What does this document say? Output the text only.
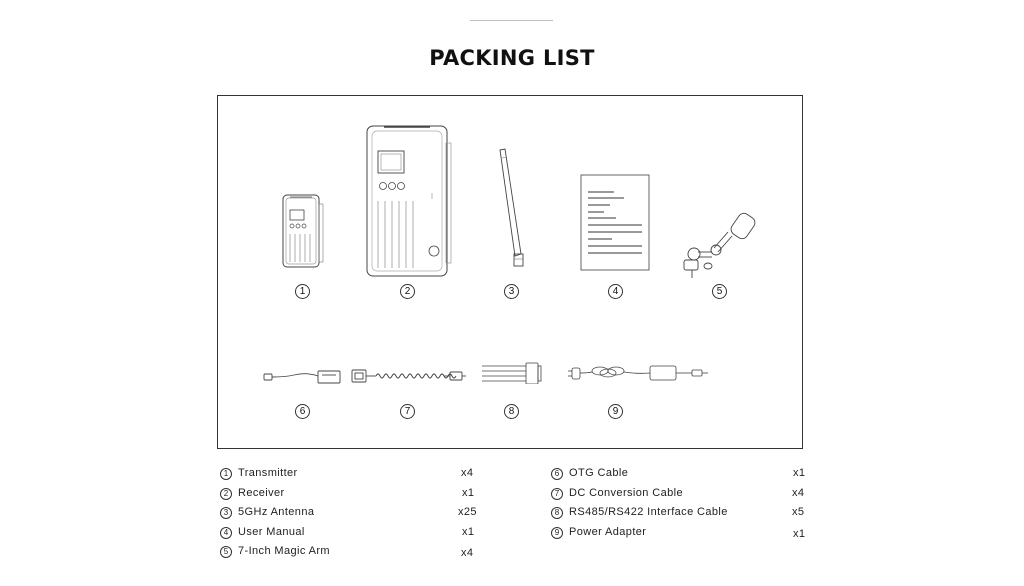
PACKING LIST
1	2	3	4	5
6	7	8	9
1 Transmitter	x4
2 Receiver	x1
3 5GHz Antenna	x25
4 User Manual	x1
5 7-Inch Magic Arm	x4
6 OTG Cable	x1
7 DC Conversion Cable	x4
8 RS485/RS422 Interface Cable	x5
9 Power Adapter	x1
